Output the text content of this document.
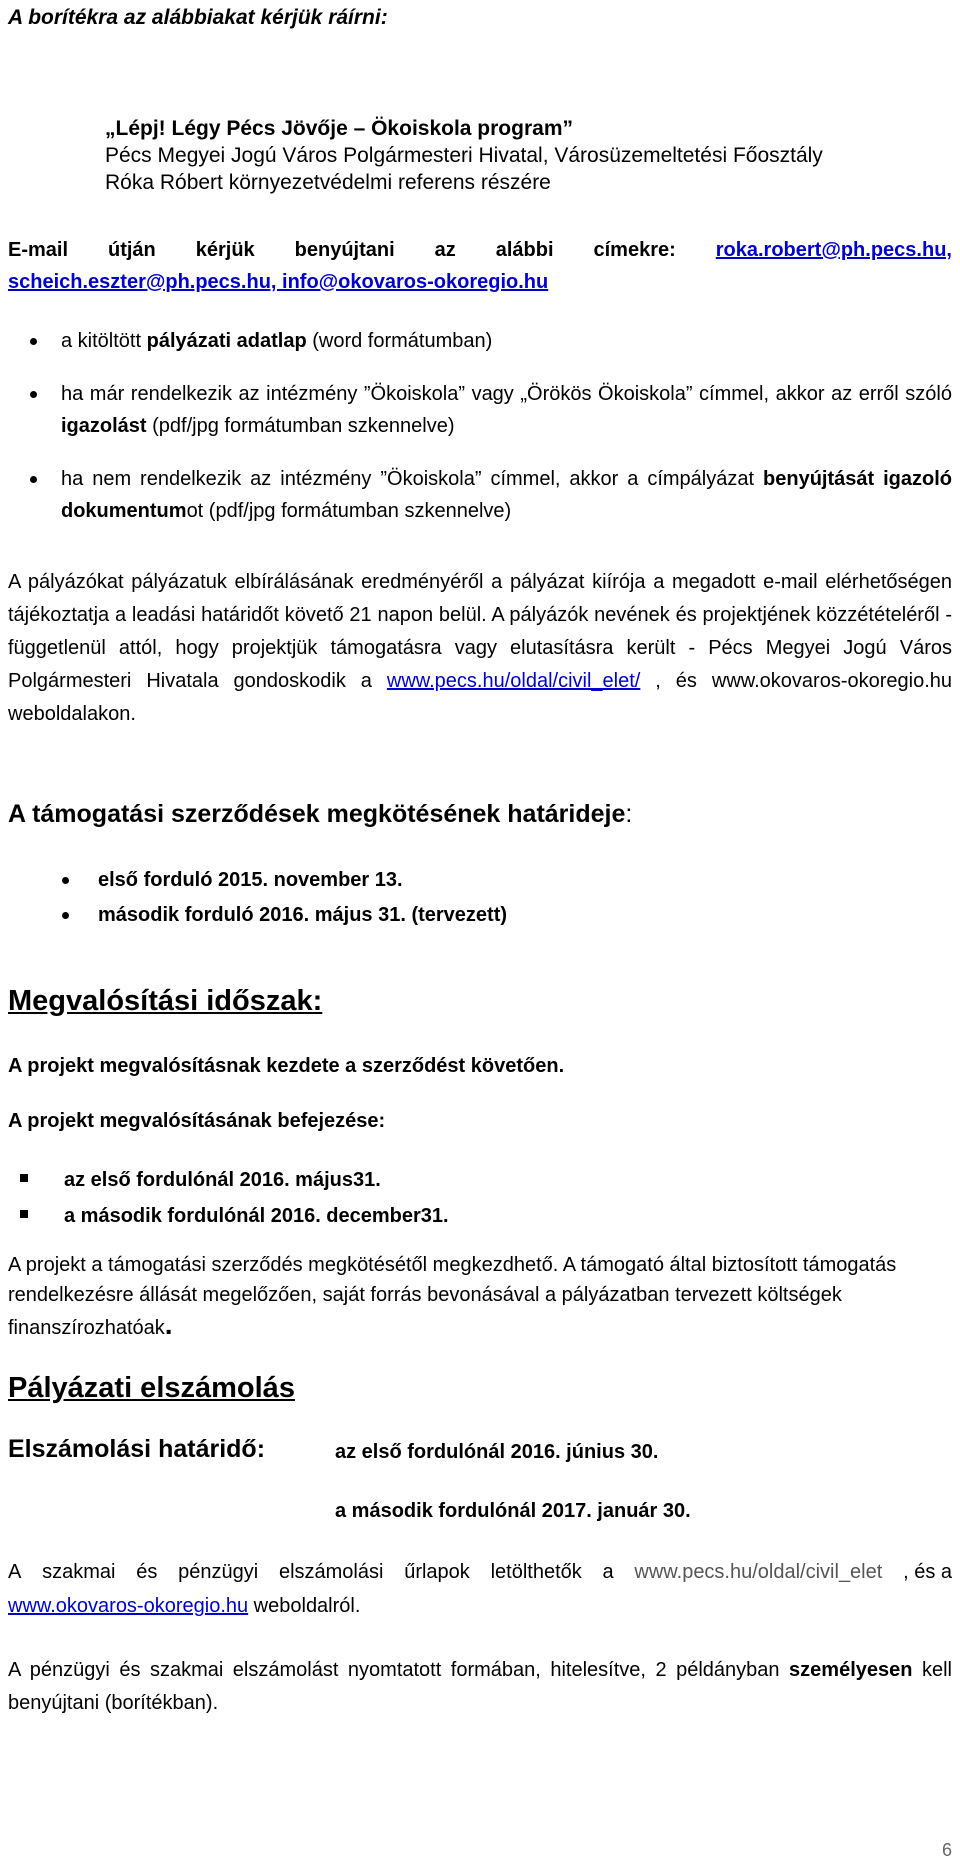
A borítékra az alábbiakat kérjük ráírni:
„Lépj! Légy Pécs Jövője – Ökoiskola program”
Pécs Megyei Jogú Város Polgármesteri Hivatal, Városüzemeltetési Főosztály
Róka Róbert környezetvédelmi referens részére
E-mail útján kérjük benyújtani az alábbi címekre: roka.robert@ph.pecs.hu,
scheich.eszter@ph.pecs.hu, info@okovaros-okoregio.hu
a kitöltött pályázati adatlap (word formátumban)
ha már rendelkezik az intézmény ”Ökoiskola” vagy „Örökös Ökoiskola” címmel, akkor az erről szóló igazolást (pdf/jpg formátumban szkennelve)
ha nem rendelkezik az intézmény ”Ökoiskola” címmel, akkor a címpályázat benyújtását igazoló dokumentumot (pdf/jpg formátumban szkennelve)
A pályázókat pályázatuk elbírálásának eredményéről a pályázat kiírója a megadott e-mail elérhetőségen tájékoztatja a leadási határidőt követő 21 napon belül. A pályázók nevének és projektjének közzétételéről - függetlenül attól, hogy projektjük támogatásra vagy elutasításra került - Pécs Megyei Jogú Város Polgármesteri Hivatala gondoskodik a www.pecs.hu/oldal/civil_elet/ , és www.okovaros-okoregio.hu weboldalakon.
A támogatási szerződések megkötésének határideje:
első forduló 2015. november 13.
második forduló 2016. május 31. (tervezett)
Megvalósítási időszak:
A projekt megvalósításnak kezdete a szerződést követően.
A projekt megvalósításának befejezése:
az első fordulónál 2016. május31.
a második fordulónál 2016. december31.
A projekt a támogatási szerződés megkötésétől megkezdhető. A támogató által biztosított támogatás rendelkezésre állását megelőzően, saját forrás bevonásával a pályázatban tervezett költségek finanszírozhatóak.
Pályázati elszámolás
Elszámolási határidő:	az első fordulónál 2016. június 30.
a második fordulónál 2017. január 30.
A szakmai és pénzügyi elszámolási űrlapok letölthetők a www.pecs.hu/oldal/civil_elet , és a
www.okovaros-okoregio.hu weboldalról.
A pénzügyi és szakmai elszámolást nyomtatott formában, hitelesítve, 2 példányban személyesen kell benyújtani (borítékban).
6
